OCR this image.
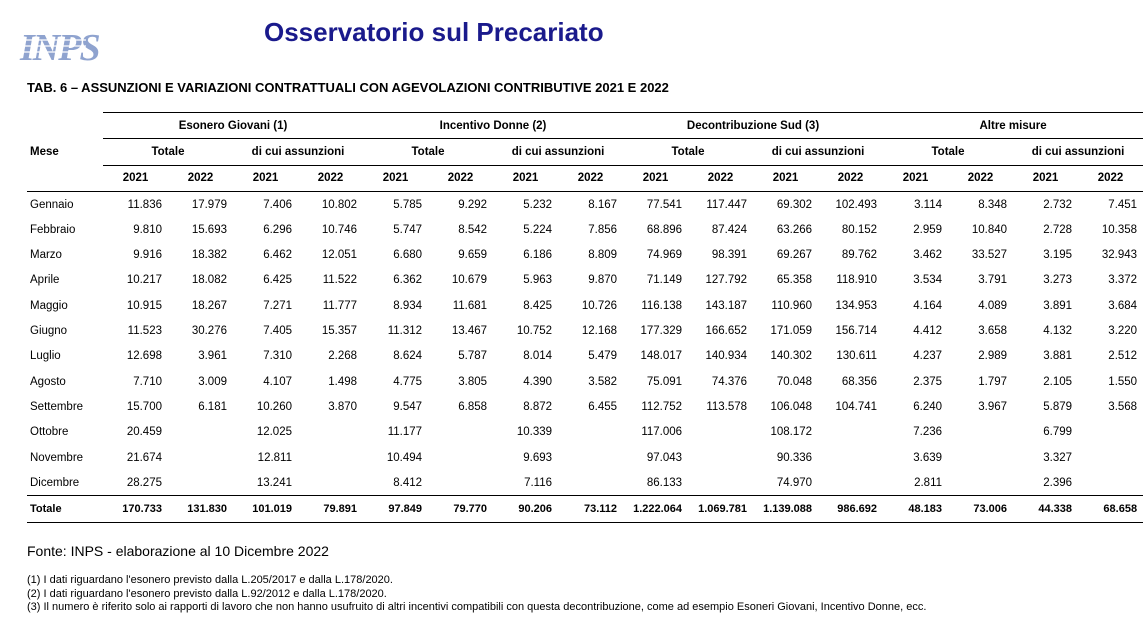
INPS	Osservatorio sul Precariato
TAB. 6 – ASSUNZIONI E VARIAZIONI CONTRATTUALI CON AGEVOLAZIONI CONTRIBUTIVE 2021 E 2022
	Esonero Giovani (1)				Incentivo Donne (2)				Decontribuzione Sud (3)				Altre misure			
Mese	Totale		di cui assunzioni		Totale		di cui assunzioni		Totale		di cui assunzioni		Totale		di cui assunzioni	
	2021	2022	2021	2022	2021	2022	2021	2022	2021	2022	2021	2022	2021	2022	2021	2022
Gennaio	11.836	17.979	7.406	10.802	5.785	9.292	5.232	8.167	77.541	117.447	69.302	102.493	3.114	8.348	2.732	7.451
Febbraio	9.810	15.693	6.296	10.746	5.747	8.542	5.224	7.856	68.896	87.424	63.266	80.152	2.959	10.840	2.728	10.358
Marzo	9.916	18.382	6.462	12.051	6.680	9.659	6.186	8.809	74.969	98.391	69.267	89.762	3.462	33.527	3.195	32.943
Aprile	10.217	18.082	6.425	11.522	6.362	10.679	5.963	9.870	71.149	127.792	65.358	118.910	3.534	3.791	3.273	3.372
Maggio	10.915	18.267	7.271	11.777	8.934	11.681	8.425	10.726	116.138	143.187	110.960	134.953	4.164	4.089	3.891	3.684
Giugno	11.523	30.276	7.405	15.357	11.312	13.467	10.752	12.168	177.329	166.652	171.059	156.714	4.412	3.658	4.132	3.220
Luglio	12.698	3.961	7.310	2.268	8.624	5.787	8.014	5.479	148.017	140.934	140.302	130.611	4.237	2.989	3.881	2.512
Agosto	7.710	3.009	4.107	1.498	4.775	3.805	4.390	3.582	75.091	74.376	70.048	68.356	2.375	1.797	2.105	1.550
Settembre	15.700	6.181	10.260	3.870	9.547	6.858	8.872	6.455	112.752	113.578	106.048	104.741	6.240	3.967	5.879	3.568
Ottobre	20.459		12.025		11.177		10.339		117.006		108.172		7.236		6.799	
Novembre	21.674		12.811		10.494		9.693		97.043		90.336		3.639		3.327	
Dicembre	28.275		13.241		8.412		7.116		86.133		74.970		2.811		2.396	
Totale	170.733	131.830	101.019	79.891	97.849	79.770	90.206	73.112	1.222.064	1.069.781	1.139.088	986.692	48.183	73.006	44.338	68.658
Fonte: INPS - elaborazione al 10 Dicembre 2022
(1) I dati riguardano l'esonero previsto dalla L.205/2017 e dalla L.178/2020.
(2) I dati riguardano l'esonero previsto dalla L.92/2012 e dalla L.178/2020.
(3) Il numero è riferito solo ai rapporti di lavoro che non hanno usufruito di altri incentivi compatibili con questa decontribuzione, come ad esempio Esoneri Giovani, Incentivo Donne, ecc.
